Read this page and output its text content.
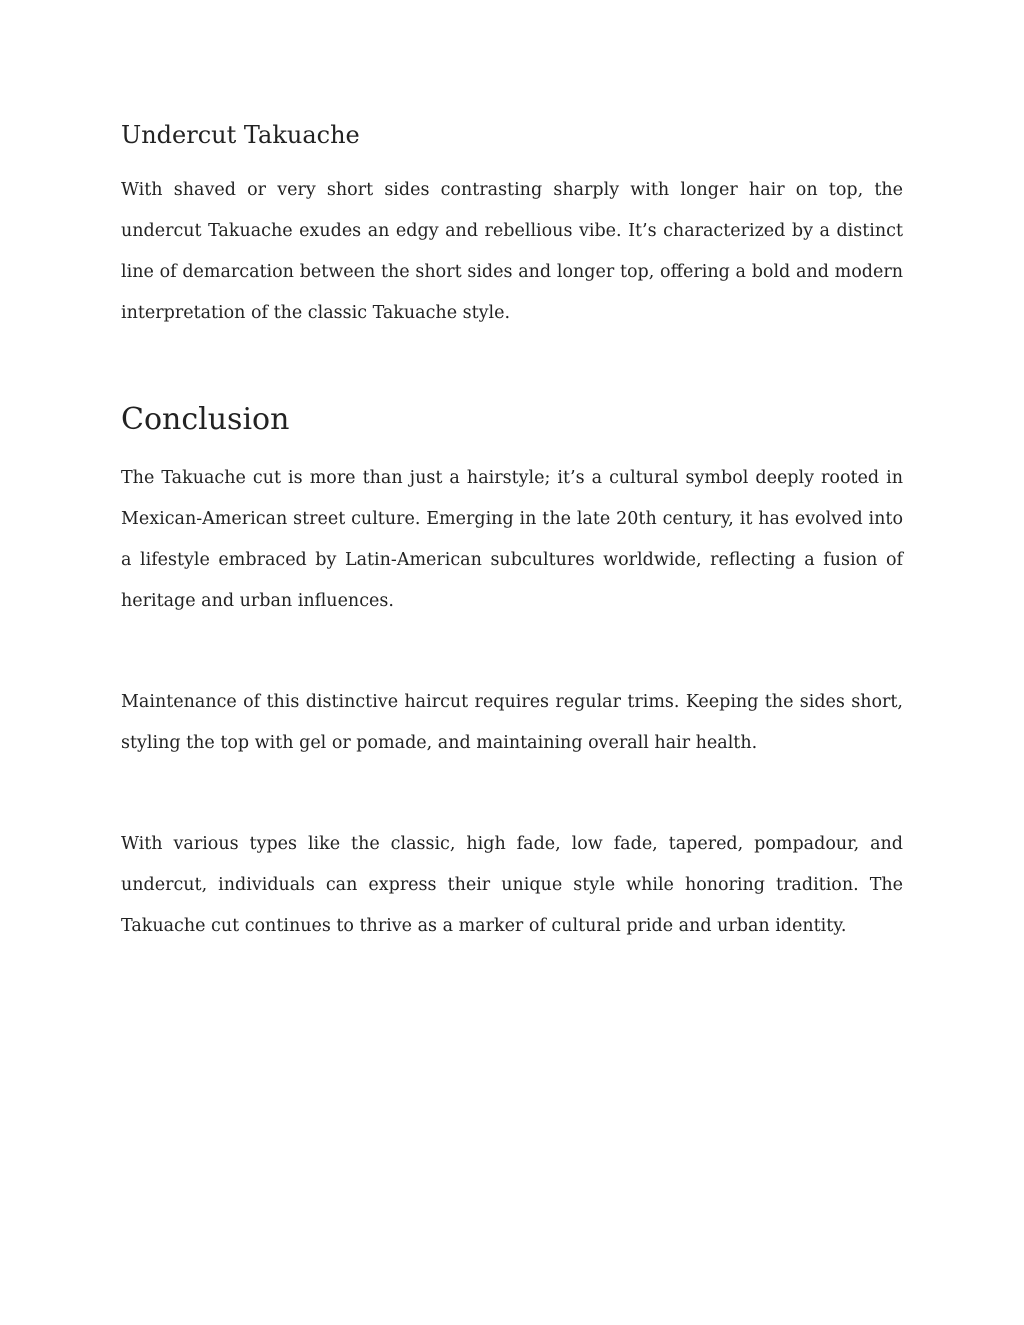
Undercut Takuache

With shaved or very short sides contrasting sharply with longer hair on top, the undercut Takuache exudes an edgy and rebellious vibe. It’s characterized by a distinct line of demarcation between the short sides and longer top, offering a bold and modern interpretation of the classic Takuache style.

Conclusion

The Takuache cut is more than just a hairstyle; it’s a cultural symbol deeply rooted in Mexican-American street culture. Emerging in the late 20th century, it has evolved into a lifestyle embraced by Latin-American subcultures worldwide, reflecting a fusion of heritage and urban influences.

Maintenance of this distinctive haircut requires regular trims. Keeping the sides short, styling the top with gel or pomade, and maintaining overall hair health.

With various types like the classic, high fade, low fade, tapered, pompadour, and undercut, individuals can express their unique style while honoring tradition. The Takuache cut continues to thrive as a marker of cultural pride and urban identity.
